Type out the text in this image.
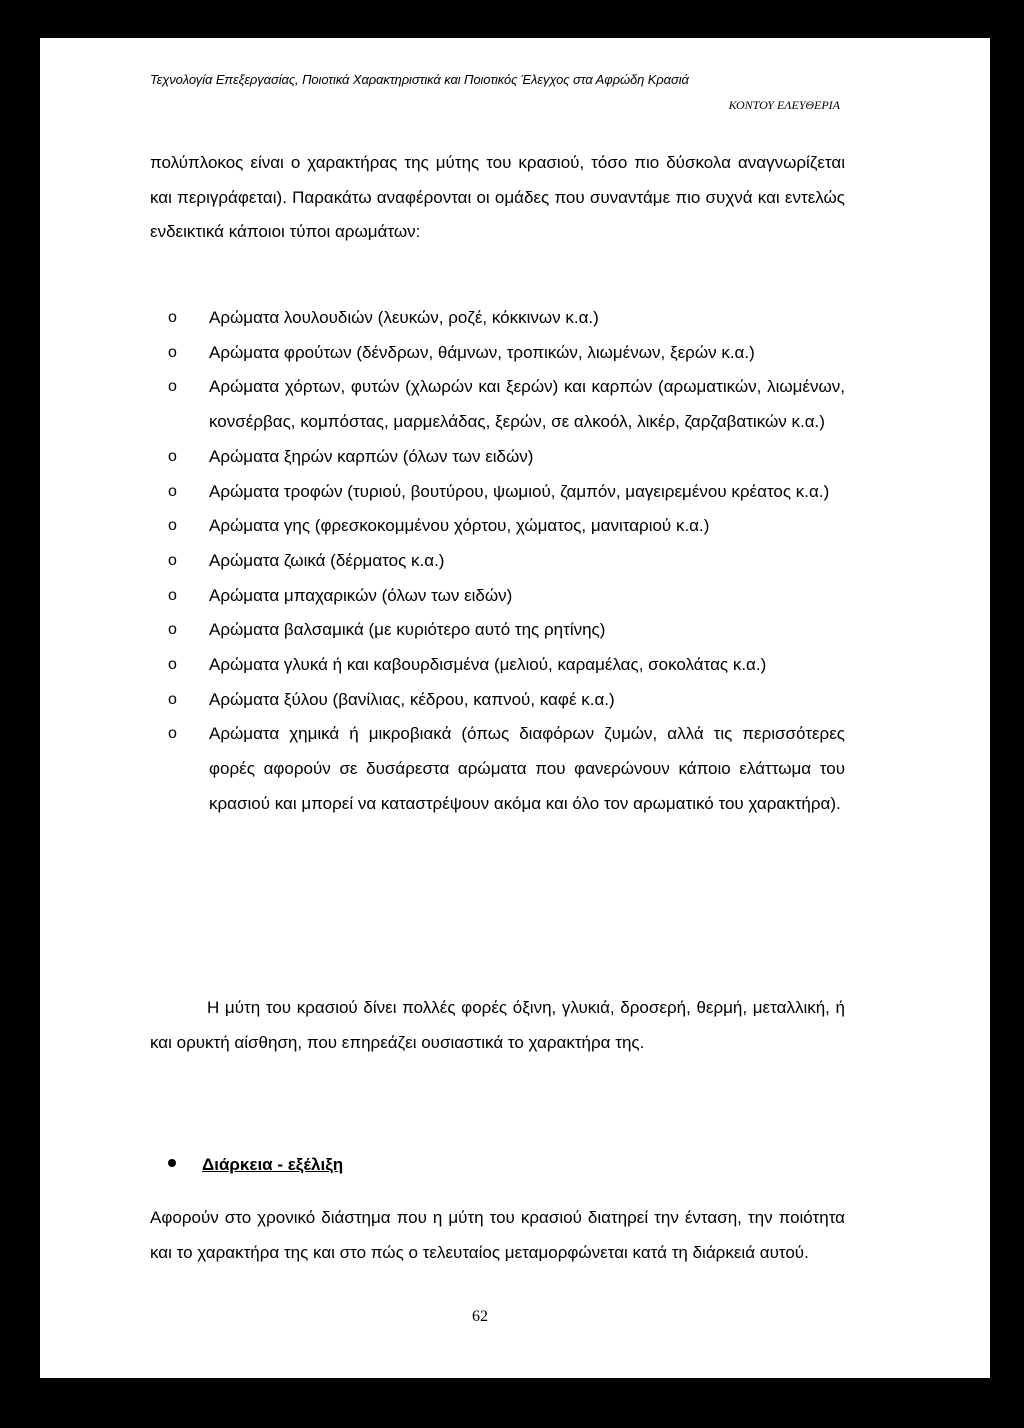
Τεχνολογία Επεξεργασίας, Ποιοτικά Χαρακτηριστικά και Ποιοτικός Έλεγχος στα Αφρώδη Κρασιά
ΚΟΝΤΟΥ ΕΛΕΥΘΕΡΙΑ
πολύπλοκος είναι ο χαρακτήρας της μύτης του κρασιού, τόσο πιο δύσκολα αναγνωρίζεται και περιγράφεται). Παρακάτω αναφέρονται οι ομάδες που συναντάμε πιο συχνά και εντελώς ενδεικτικά κάποιοι τύποι αρωμάτων:
o Αρώματα λουλουδιών (λευκών, ροζέ, κόκκινων κ.α.)
o Αρώματα φρούτων (δένδρων, θάμνων, τροπικών, λιωμένων, ξερών κ.α.)
o Αρώματα χόρτων, φυτών (χλωρών και ξερών) και καρπών (αρωματικών, λιωμένων, κονσέρβας, κομπόστας, μαρμελάδας, ξερών, σε αλκοόλ, λικέρ, ζαρζαβατικών κ.α.)
o Αρώματα ξηρών καρπών (όλων των ειδών)
o Αρώματα τροφών (τυριού, βουτύρου, ψωμιού, ζαμπόν, μαγειρεμένου κρέατος κ.α.)
o Αρώματα γης (φρεσκοκομμένου χόρτου, χώματος, μανιταριού κ.α.)
o Αρώματα ζωικά (δέρματος κ.α.)
o Αρώματα μπαχαρικών (όλων των ειδών)
o Αρώματα βαλσαμικά (με κυριότερο αυτό της ρητίνης)
o Αρώματα γλυκά ή και καβουρδισμένα (μελιού, καραμέλας, σοκολάτας κ.α.)
o Αρώματα ξύλου (βανίλιας, κέδρου, καπνού, καφέ κ.α.)
o Αρώματα χημικά ή μικροβιακά (όπως διαφόρων ζυμών, αλλά τις περισσότερες φορές αφορούν σε δυσάρεστα αρώματα που φανερώνουν κάποιο ελάττωμα του κρασιού και μπορεί να καταστρέψουν ακόμα και όλο τον αρωματικό του χαρακτήρα).
Η μύτη του κρασιού δίνει πολλές φορές όξινη, γλυκιά, δροσερή, θερμή, μεταλλική, ή και ορυκτή αίσθηση, που επηρεάζει ουσιαστικά το χαρακτήρα της.
Διάρκεια - εξέλιξη
Αφορούν στο χρονικό διάστημα που η μύτη του κρασιού διατηρεί την ένταση, την ποιότητα και το χαρακτήρα της και στο πώς ο τελευταίος μεταμορφώνεται κατά τη διάρκειά αυτού.
62
